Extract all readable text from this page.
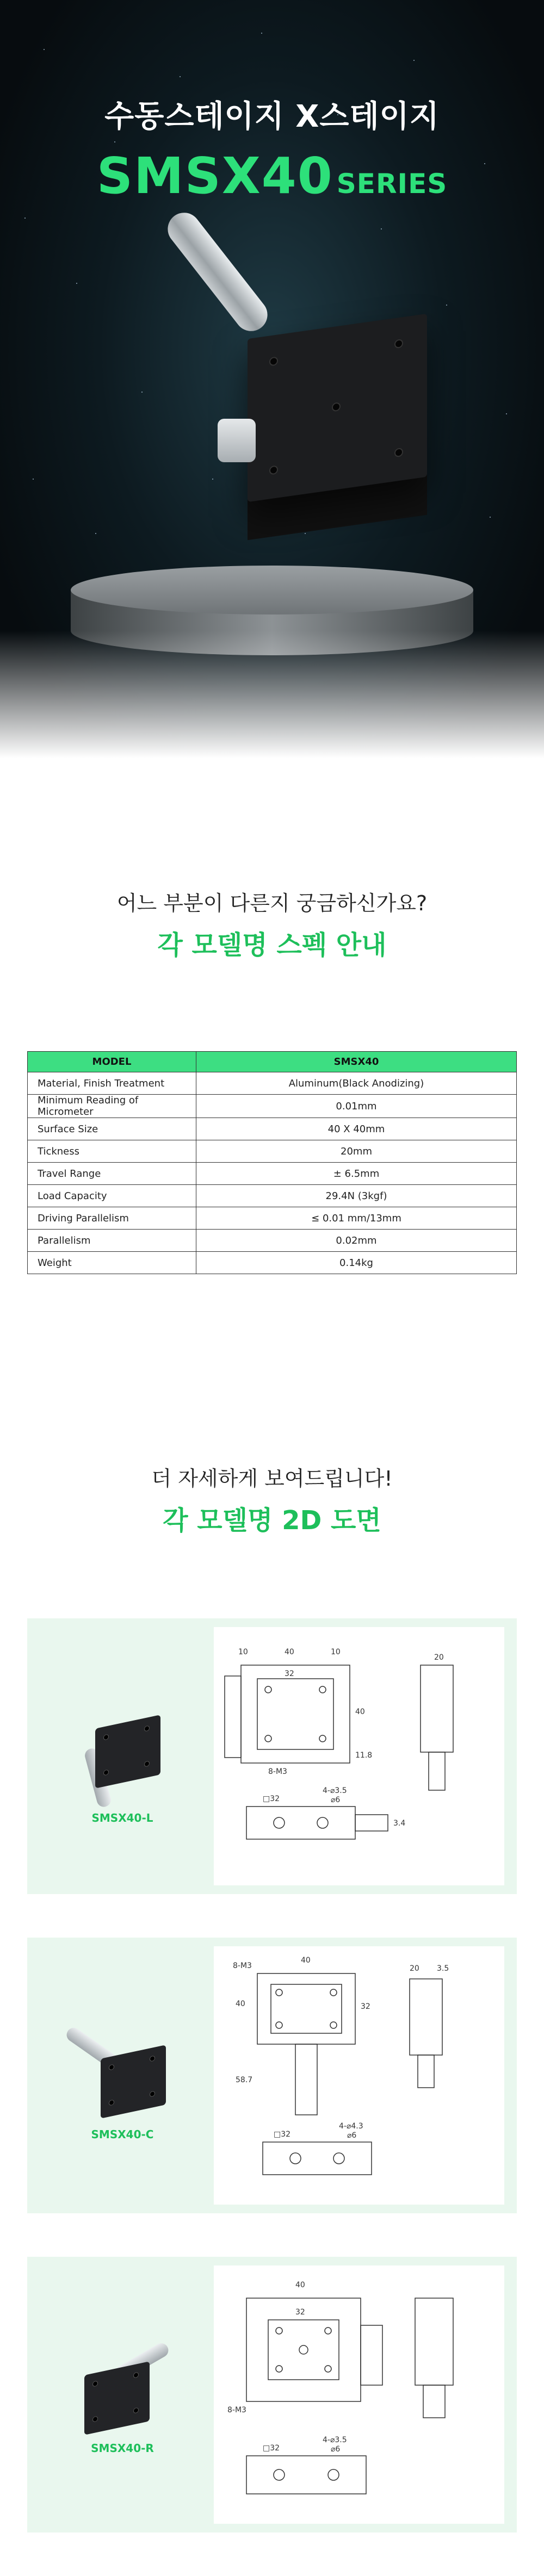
수동스테이지 X스테이지
SMSX40 SERIES

어느 부분이 다른지 궁금하신가요?

각 모델명 스펙 안내
MODEL	SMSX40
Material, Finish Treatment	Aluminum(Black Anodizing)
Minimum Reading of Micrometer	0.01mm
Surface Size	40 X 40mm
Tickness	20mm
Travel Range	± 6.5mm
Load Capacity	29.4N (3kgf)
Driving Parallelism	≤ 0.01 mm/13mm
Parallelism	0.02mm
Weight	0.14kg

더 자세하게 보여드립니다!

각 모델명 2D 도면
SMSX40-L
10	40	10
32
40
20
8-M3
4-⌀3.5
⌀6
□32
3.4
11.8
SMSX40-C
8-M3
40
20 3.5
40	32
58.7
4-⌀4.3
⌀6
□32
SMSX40-R
40
32
8-M3
4-⌀3.5
⌀6
□32
